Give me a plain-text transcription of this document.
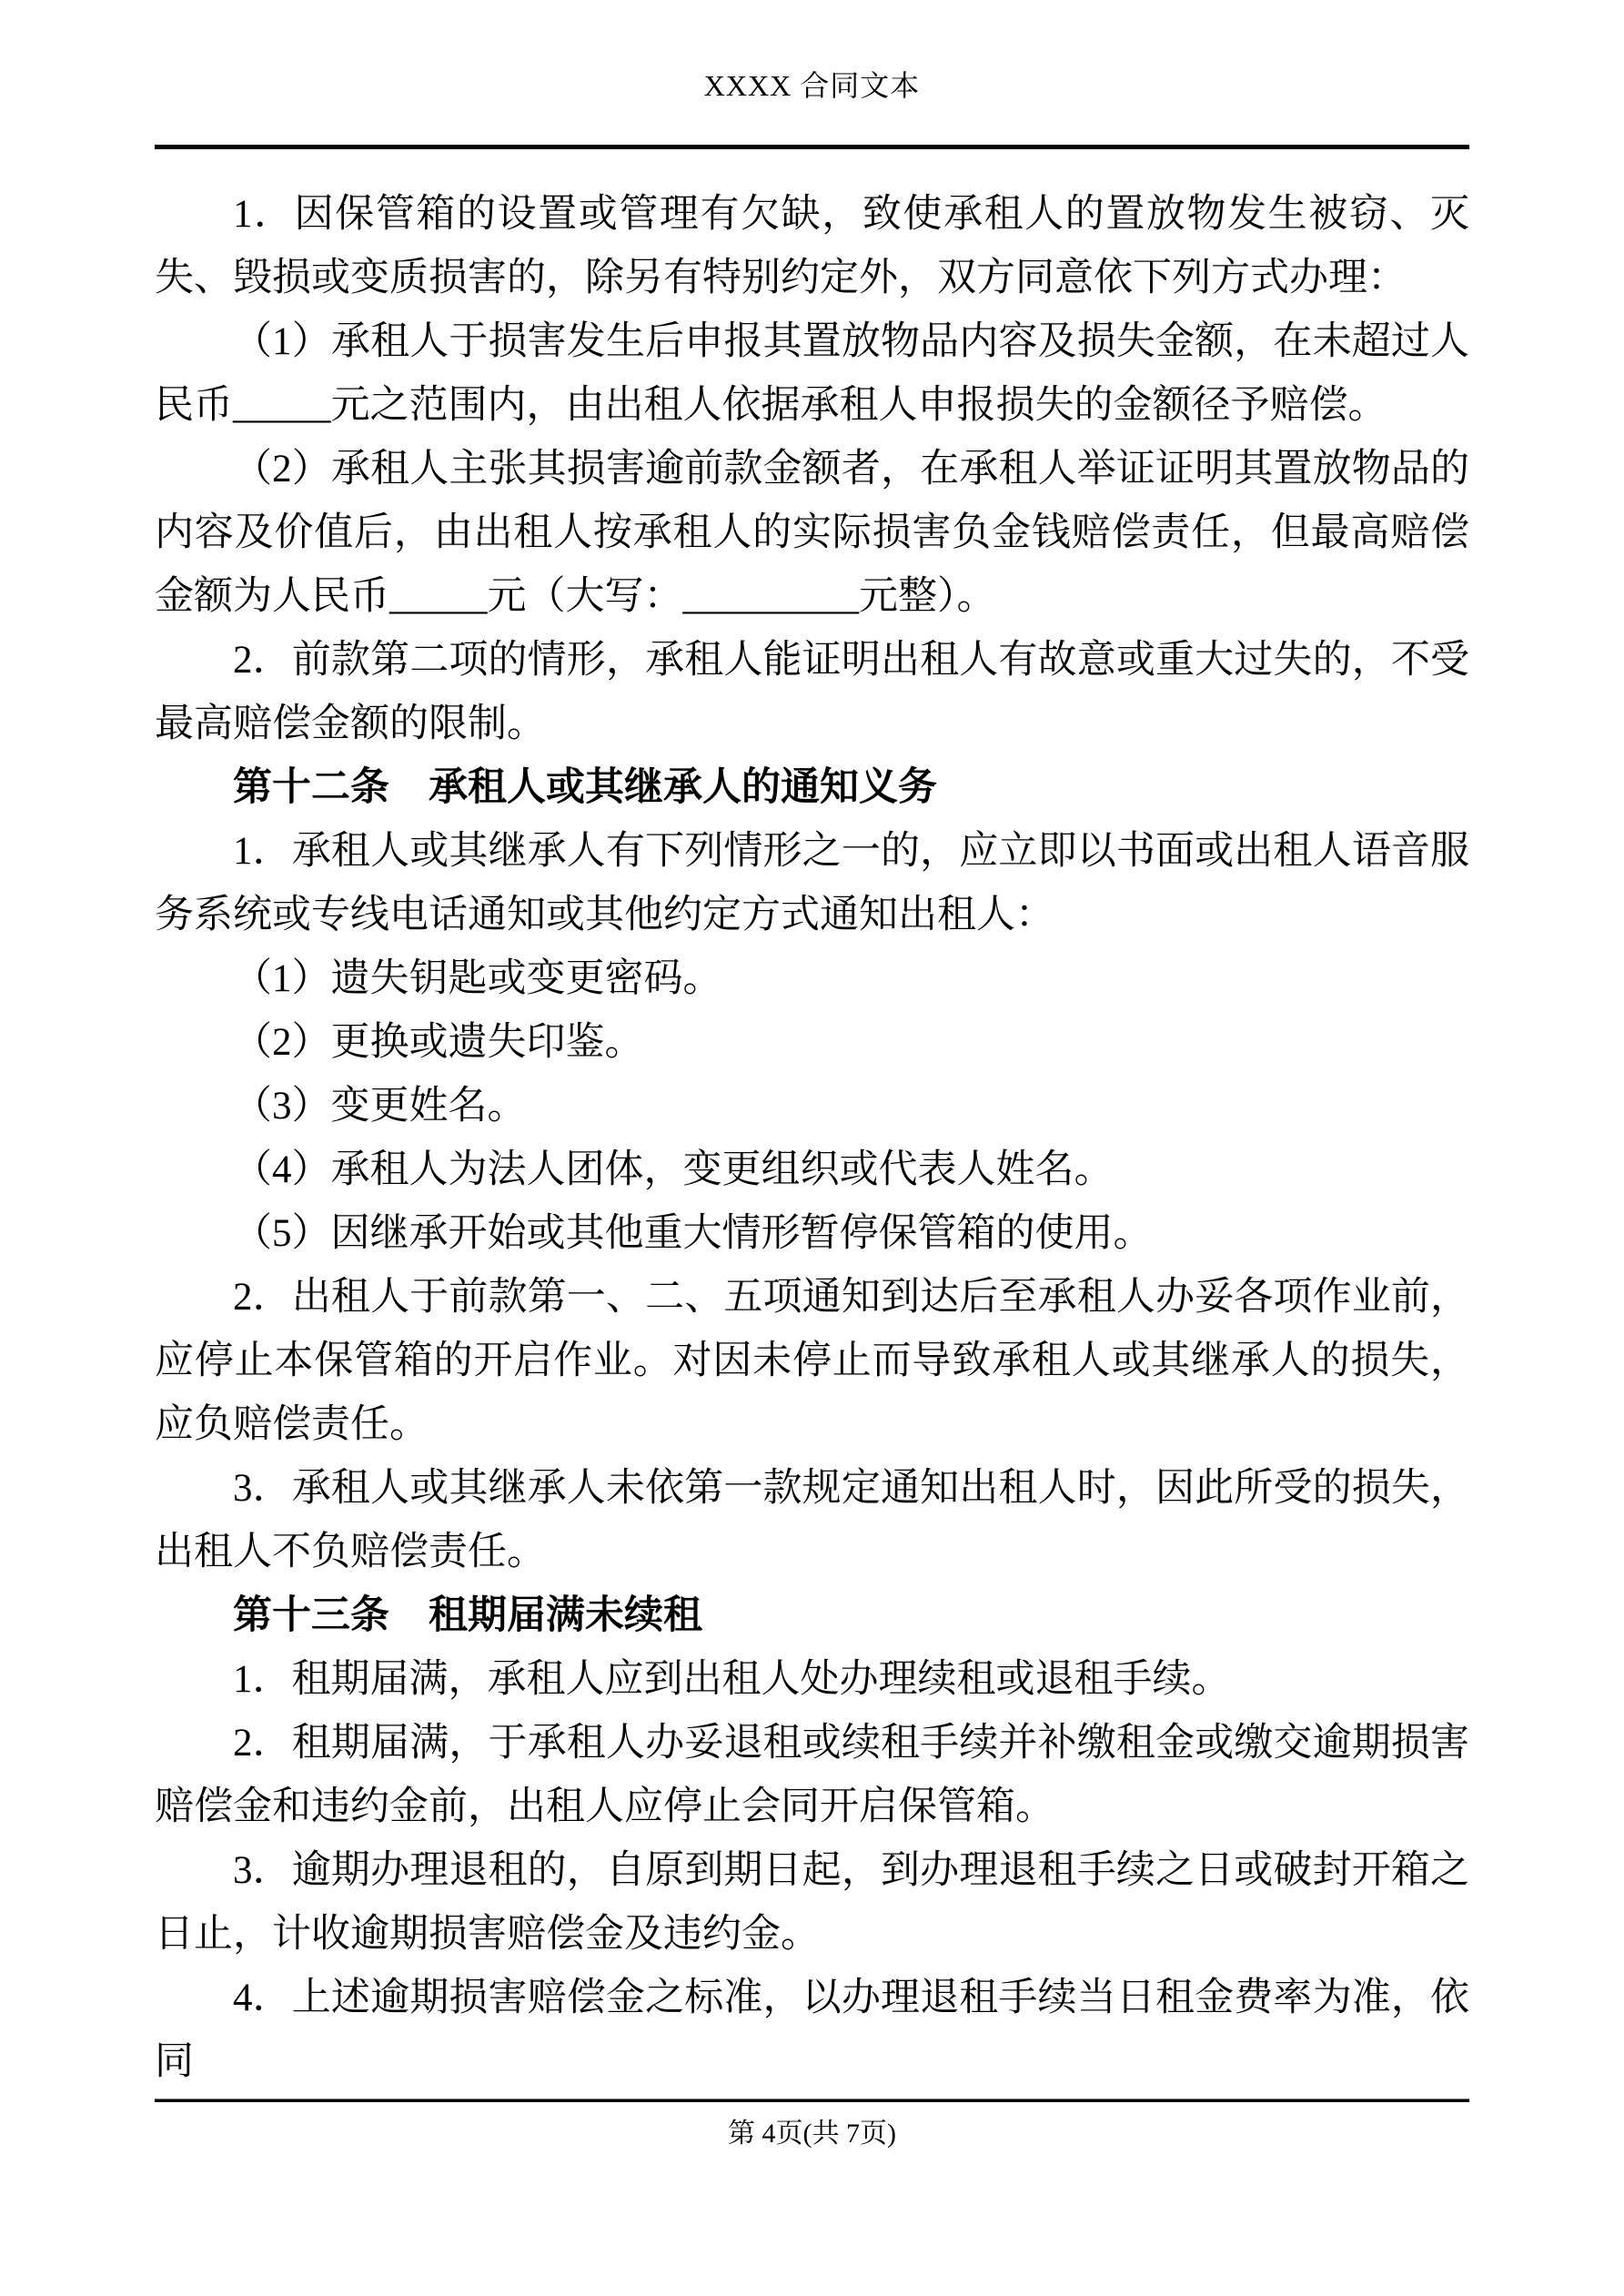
XXXX 合同文本

1．因保管箱的设置或管理有欠缺，致使承租人的置放物发生被窃、灭失、毁损或变质损害的，除另有特别约定外，双方同意依下列方式办理：

（1）承租人于损害发生后申报其置放物品内容及损失金额，在未超过人民币_____元之范围内，由出租人依据承租人申报损失的金额径予赔偿。

（2）承租人主张其损害逾前款金额者，在承租人举证证明其置放物品的内容及价值后，由出租人按承租人的实际损害负金钱赔偿责任，但最高赔偿金额为人民币_____元（大写：_________元整）。

2．前款第二项的情形，承租人能证明出租人有故意或重大过失的，不受最高赔偿金额的限制。

第十二条　承租人或其继承人的通知义务

1．承租人或其继承人有下列情形之一的，应立即以书面或出租人语音服务系统或专线电话通知或其他约定方式通知出租人：

（1）遗失钥匙或变更密码。

（2）更换或遗失印鉴。

（3）变更姓名。

（4）承租人为法人团体，变更组织或代表人姓名。

（5）因继承开始或其他重大情形暂停保管箱的使用。

2．出租人于前款第一、二、五项通知到达后至承租人办妥各项作业前，应停止本保管箱的开启作业。对因未停止而导致承租人或其继承人的损失，应负赔偿责任。

3．承租人或其继承人未依第一款规定通知出租人时，因此所受的损失，出租人不负赔偿责任。

第十三条　租期届满未续租

1．租期届满，承租人应到出租人处办理续租或退租手续。

2．租期届满，于承租人办妥退租或续租手续并补缴租金或缴交逾期损害赔偿金和违约金前，出租人应停止会同开启保管箱。

3．逾期办理退租的，自原到期日起，到办理退租手续之日或破封开箱之日止，计收逾期损害赔偿金及违约金。

4．上述逾期损害赔偿金之标准，以办理退租手续当日租金费率为准，依同

第 4页(共 7页)
